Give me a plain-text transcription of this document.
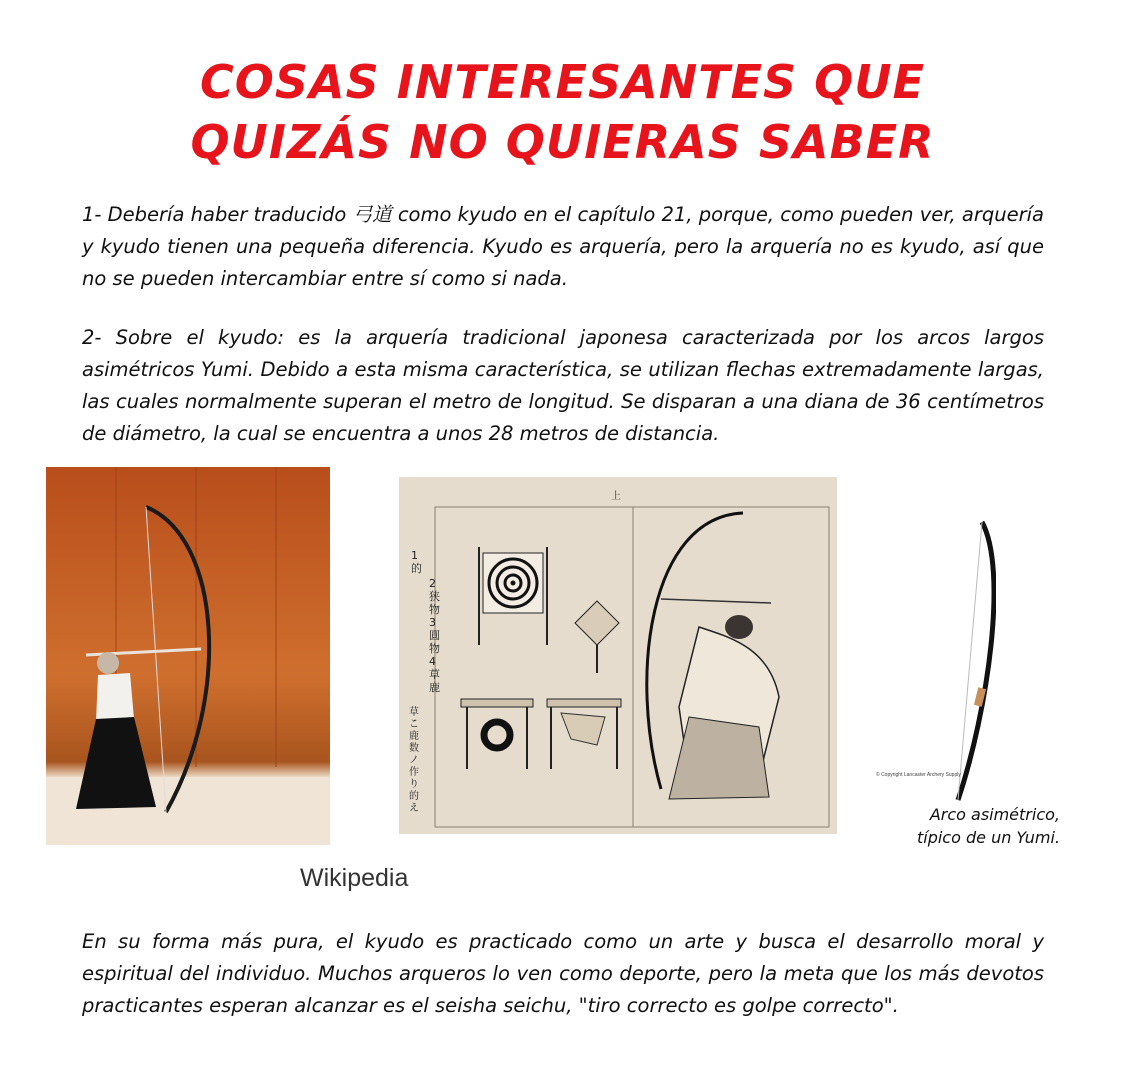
COSAS INTERESANTES QUE
QUIZÁS NO QUIERAS SABER

1- Debería haber traducido 弓道 como kyudo en el capítulo 21, porque, como pueden ver, arquería y kyudo tienen una pequeña diferencia. Kyudo es arquería, pero la arquería no es kyudo, así que no se pueden intercambiar entre sí como si nada.

2- Sobre el kyudo: es la arquería tradicional japonesa caracterizada por los arcos largos asimétricos Yumi. Debido a esta misma característica, se utilizan flechas extremadamente largas, las cuales normalmente superan el metro de longitud. Se disparan a una diana de 36 centímetros de diámetro, la cual se encuentra a unos 28 metros de distancia.

上
1 的
2 狭物 3 圓物 4 草鹿
草こ鹿数ノ作り的え
© Copyright Lancaster Archery Supply
Arco asimétrico,
típico de un Yumi.
Wikipedia

En su forma más pura, el kyudo es practicado como un arte y busca el desarrollo moral y espiritual del individuo. Muchos arqueros lo ven como deporte, pero la meta que los más devotos practicantes esperan alcanzar es el seisha seichu, "tiro correcto es golpe correcto".
